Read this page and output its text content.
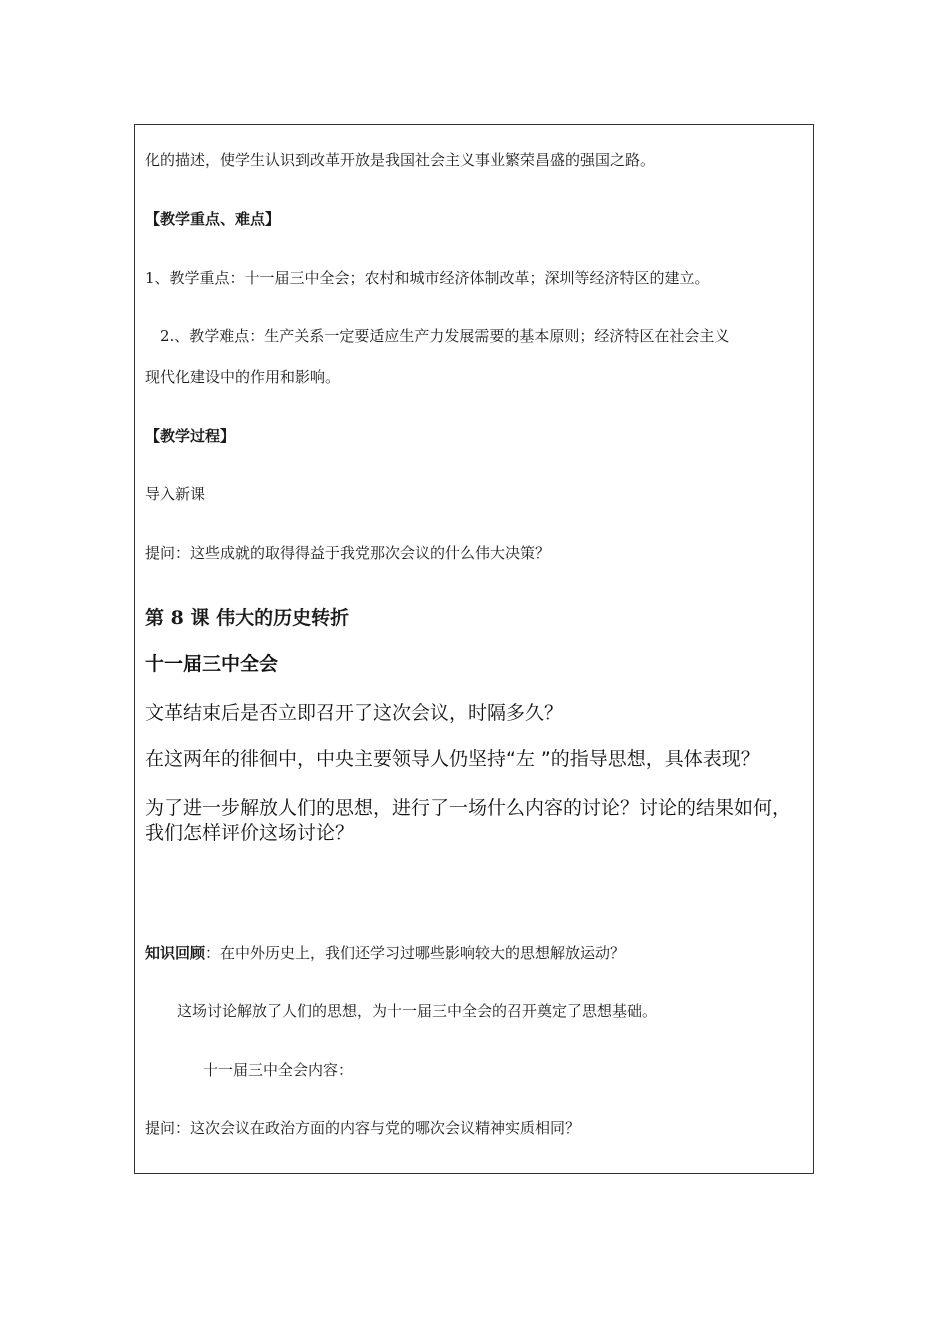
化的描述，使学生认识到改革开放是我国社会主义事业繁荣昌盛的强国之路。
【教学重点、难点】
1、教学重点：十一届三中全会；农村和城市经济体制改革；深圳等经济特区的建立。
2.、教学难点：生产关系一定要适应生产力发展需要的基本原则；经济特区在社会主义
现代化建设中的作用和影响。
【教学过程】
导入新课
提问：这些成就的取得得益于我党那次会议的什么伟大决策？
第 8 课 伟大的历史转折
十一届三中全会
文革结束后是否立即召开了这次会议，时隔多久？
在这两年的徘徊中，中央主要领导人仍坚持“左 ”的指导思想，具体表现？
为了进一步解放人们的思想，进行了一场什么内容的讨论？讨论的结果如何，
我们怎样评价这场讨论？
知识回顾：在中外历史上，我们还学习过哪些影响较大的思想解放运动？
这场讨论解放了人们的思想，为十一届三中全会的召开奠定了思想基础。
十一届三中全会内容：
提问：这次会议在政治方面的内容与党的哪次会议精神实质相同？
